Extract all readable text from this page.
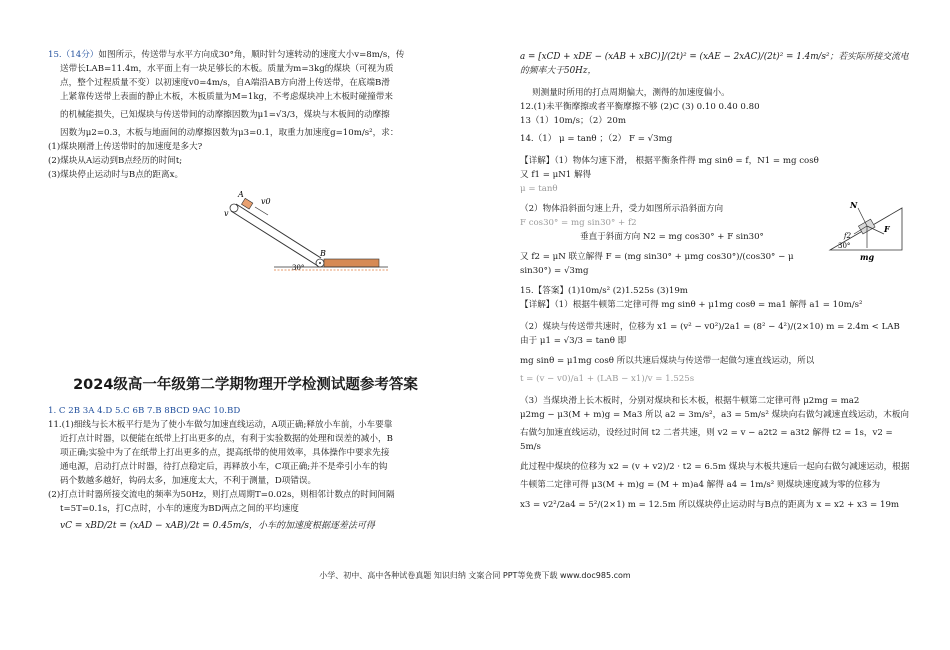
15.（14分）如图所示，传送带与水平方向成30°角，顺时针匀速转动的速度大小v=8m/s，传

送带长LAB=11.4m，水平面上有一块足够长的木板。质量为m=3kg的煤块（可视为质

点，整个过程质量不变）以初速度v0=4m/s，自A端沿AB方向滑上传送带，在底端B滑

上紧靠传送带上表面的静止木板，木板质量为M=1kg，不考虑煤块冲上木板时碰撞带来

的机械能损失，已知煤块与传送带间的动摩擦因数为μ1=√3/3，煤块与木板间的动摩擦

因数为μ2=0.3，木板与地面间的动摩擦因数为μ3=0.1，取重力加速度g=10m/s²，求：

(1)煤块刚滑上传送带时的加速度是多大?

(2)煤块从A运动到B点经历的时间t;

(3)煤块停止运动时与B点的距离x。

A
v
v0
B
30°

2024级高一年级第二学期物理开学检测试题参考答案

1. C 2B 3A 4.D 5.C 6B 7.B 8BCD 9AC 10.BD

11.(1)细线与长木板平行是为了使小车做匀加速直线运动，A项正确;释放小车前，小车要靠

近打点计时器，以便能在纸带上打出更多的点，有利于实验数据的处理和误差的减小，B

项正确;实验中为了在纸带上打出更多的点，提高纸带的使用效率，具体操作中要求先接

通电源，启动打点计时器，待打点稳定后，再释放小车，C项正确;并不是牵引小车的钩

码个数越多越好，钩码太多，加速度太大，不利于测量，D项错误。

(2)打点计时器所接交流电的频率为50Hz，则打点周期T=0.02s，则相邻计数点的时间间隔

t=5T=0.1s，打C点时，小车的速度为BD两点之间的平均速度

vC = xBD/2t = (xAD − xAB)/2t = 0.45m/s，小车的加速度根据逐差法可得

a = [xCD + xDE − (xAB + xBC)]/(2t)² = (xAE − 2xAC)/(2t)² = 1.4m/s²；若实际所接交流电的频率大于50Hz，

则测量时所用的打点周期偏大，测得的加速度偏小。

12.(1)未平衡摩擦或者平衡摩擦不够 (2)C (3) 0.10 0.40 0.80

13（1）10m/s；（2）20m

14.（1） μ = tanθ ；（2） F = √3mg

【详解】（1）物体匀速下滑， 根据平衡条件得 mg sinθ = f，N1 = mg cosθ 又 f1 = μN1 解得

μ = tanθ

（2）物体沿斜面匀速上升，受力如图所示沿斜面方向

F cos30° = mg sin30° + f2

垂直于斜面方向 N2 = mg cos30° + F sin30°

又 f2 = μN 联立解得 F = (mg sin30° + μmg cos30°)/(cos30° − μ sin30°) = √3mg

N
F
f2
mg
30°

15.【答案】(1)10m/s² (2)1.525s (3)19m

【详解】（1）根据牛顿第二定律可得 mg sinθ + μ1mg cosθ = ma1 解得 a1 = 10m/s²

（2）煤块与传送带共速时，位移为 x1 = (v² − v0²)/2a1 = (8² − 4²)/(2×10) m = 2.4m < LAB 由于 μ1 = √3/3 = tanθ 即

mg sinθ = μ1mg cosθ 所以共速后煤块与传送带一起做匀速直线运动，所以

t = (v − v0)/a1 + (LAB − x1)/v = 1.525s

（3）当煤块滑上长木板时，分别对煤块和长木板，根据牛顿第二定律可得 μ2mg = ma2

μ2mg − μ3(M + m)g = Ma3 所以 a2 = 3m/s²，a3 = 5m/s² 煤块向右做匀减速直线运动，木板向

右做匀加速直线运动，设经过时间 t2 二者共速，则 v2 = v − a2t2 = a3t2 解得 t2 = 1s，v2 = 5m/s

此过程中煤块的位移为 x2 = (v + v2)/2 · t2 = 6.5m 煤块与木板共速后一起向右做匀减速运动，根据

牛顿第二定律可得 μ3(M + m)g = (M + m)a4 解得 a4 = 1m/s² 则煤块速度减为零的位移为

x3 = v2²/2a4 = 5²/(2×1) m = 12.5m 所以煤块停止运动时与B点的距离为 x = x2 + x3 = 19m

小学、初中、高中各种试卷真题 知识归纳 文案合同 PPT等免费下载 www.doc985.com
